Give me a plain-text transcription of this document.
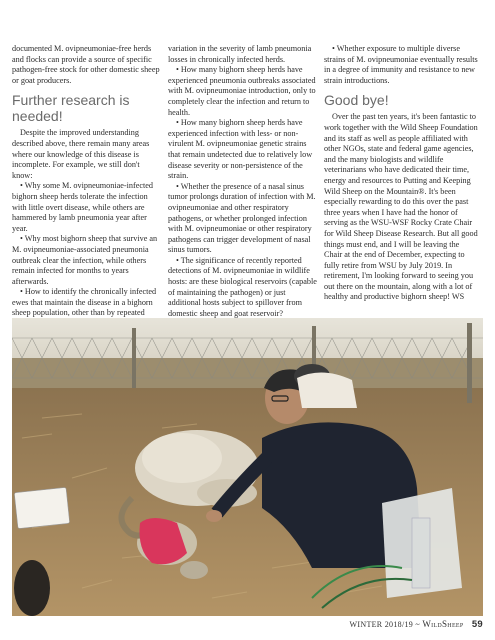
documented M. ovipneumoniae-free herds and flocks can provide a source of specific pathogen-free stock for other domestic sheep or goat producers.

Further research is needed!

Despite the improved understanding described above, there remain many areas where our knowledge of this disease is incomplete. For example, we still don't know:

• Why some M. ovipneumoniae-infected bighorn sheep herds tolerate the infection with little overt disease, while others are hammered by lamb pneumonia year after year.

• Why most bighorn sheep that survive an M. ovipneumoniae-associated pneumonia outbreak clear the infection, while others remain infected for months to years afterwards.

• How to identify the chronically infected ewes that maintain the disease in a bighorn sheep population, other than by repeated

variation in the severity of lamb pneumonia losses in chronically infected herds.

• How many bighorn sheep herds have experienced pneumonia outbreaks associated with M. ovipneumoniae introduction, only to completely clear the infection and return to health.

• How many bighorn sheep herds have experienced infection with less- or non-virulent M. ovipneumoniae genetic strains that remain undetected due to relatively low disease severity or non-persistence of the strain.

• Whether the presence of a nasal sinus tumor prolongs duration of infection with M. ovipneumoniae and other respiratory pathogens, or whether prolonged infection with M. ovipneumoniae or other respiratory pathogens can trigger development of nasal sinus tumors.

• The significance of recently reported detections of M. ovipneumoniae in wildlife hosts: are these biological reservoirs (capable of maintaining the pathogen) or just additional hosts subject to spillover from domestic sheep and goat reservoir?

• Whether exposure to multiple diverse strains of M. ovipneumoniae eventually results in a degree of immunity and resistance to new strain introductions.

Good bye!

Over the past ten years, it's been fantastic to work together with the Wild Sheep Foundation and its staff as well as people affiliated with other NGOs, state and federal game agencies, and the many biologists and wildlife veterinarians who have dedicated their time, energy and resources to Putting and Keeping Wild Sheep on the Mountain®. It's been especially rewarding to do this over the past three years when I have had the honor of serving as the WSU-WSF Rocky Crate Chair for Wild Sheep Disease Research. But all good things must end, and I will be leaving the Chair at the end of December, expecting to fully retire from WSU by July 2019. In retirement, I'm looking forward to seeing you out there on the mountain, along with a lot of healthy and productive bighorn sheep! WS

WINTER 2018/19 ~ WildSheep 59
